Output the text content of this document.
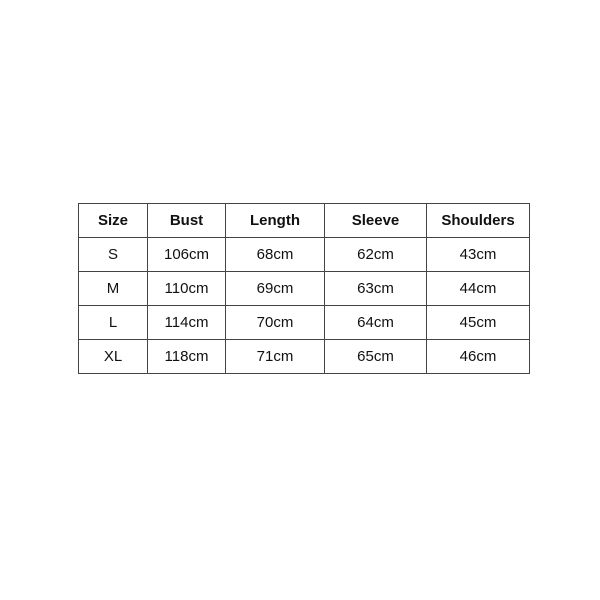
Size	Bust	Length	Sleeve	Shoulders
S	106cm	68cm	62cm	43cm
M	110cm	69cm	63cm	44cm
L	114cm	70cm	64cm	45cm
XL	118cm	71cm	65cm	46cm
